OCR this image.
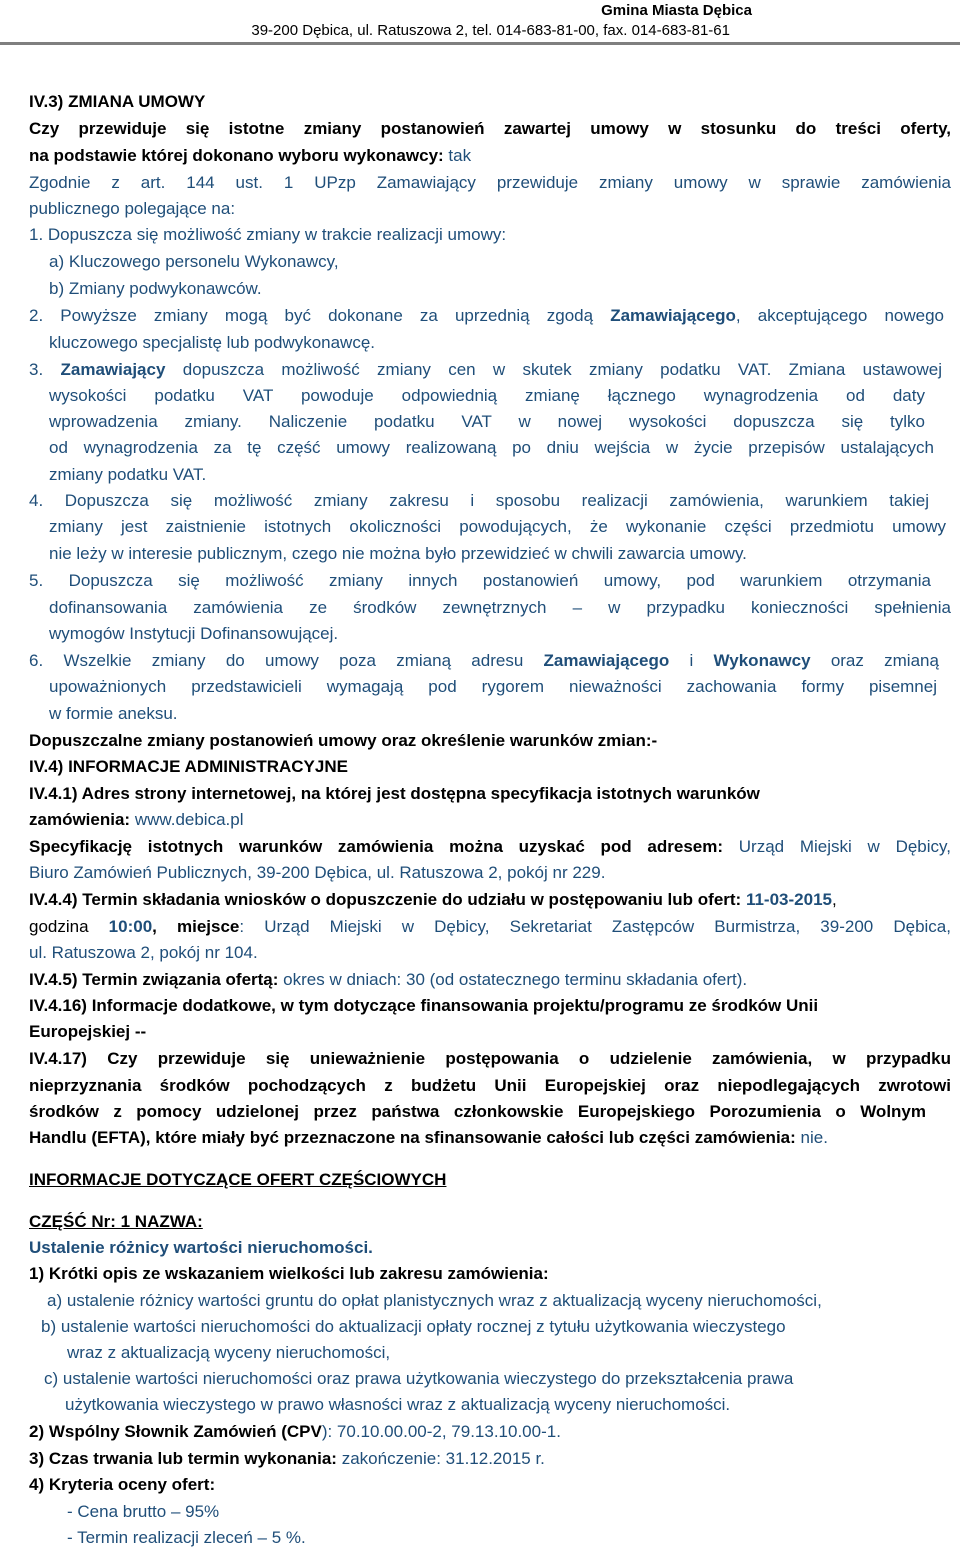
Gmina Miasta Dębica
39-200 Dębica, ul. Ratuszowa 2, tel. 014-683-81-00, fax. 014-683-81-61
IV.3) ZMIANA UMOWY
Czy przewiduje się istotne zmiany postanowień zawartej umowy w stosunku do treści oferty,
na podstawie której dokonano wyboru wykonawcy: tak
Zgodnie z art. 144 ust. 1 UPzp Zamawiający przewiduje zmiany umowy w sprawie zamówienia
publicznego polegające na:
1. Dopuszcza się możliwość zmiany w trakcie realizacji umowy:
a) Kluczowego personelu Wykonawcy,
b) Zmiany podwykonawców.
2. Powyższe zmiany mogą być dokonane za uprzednią zgodą Zamawiającego, akceptującego nowego
kluczowego specjalistę lub podwykonawcę.
3. Zamawiający dopuszcza możliwość zmiany cen w skutek zmiany podatku VAT. Zmiana ustawowej
wysokości podatku VAT powoduje odpowiednią zmianę łącznego wynagrodzenia od daty
wprowadzenia zmiany. Naliczenie podatku VAT w nowej wysokości dopuszcza się tylko
od wynagrodzenia za tę część umowy realizowaną po dniu wejścia w życie przepisów ustalających
zmiany podatku VAT.
4. Dopuszcza się możliwość zmiany zakresu i sposobu realizacji zamówienia, warunkiem takiej
zmiany jest zaistnienie istotnych okoliczności powodujących, że wykonanie części przedmiotu umowy
nie leży w interesie publicznym, czego nie można było przewidzieć w chwili zawarcia umowy.
5. Dopuszcza się możliwość zmiany innych postanowień umowy, pod warunkiem otrzymania
dofinansowania zamówienia ze środków zewnętrznych – w przypadku konieczności spełnienia
wymogów Instytucji Dofinansowującej.
6. Wszelkie zmiany do umowy poza zmianą adresu Zamawiającego i Wykonawcy oraz zmianą
upoważnionych przedstawicieli wymagają pod rygorem nieważności zachowania formy pisemnej
w formie aneksu.
Dopuszczalne zmiany postanowień umowy oraz określenie warunków zmian:-
IV.4) INFORMACJE ADMINISTRACYJNE
IV.4.1) Adres strony internetowej, na której jest dostępna specyfikacja istotnych warunków
zamówienia: www.debica.pl
Specyfikację istotnych warunków zamówienia można uzyskać pod adresem: Urząd Miejski w Dębicy,
Biuro Zamówień Publicznych, 39-200 Dębica, ul. Ratuszowa 2, pokój nr 229.
IV.4.4) Termin składania wniosków o dopuszczenie do udziału w postępowaniu lub ofert: 11-03-2015,
godzina 10:00, miejsce: Urząd Miejski w Dębicy, Sekretariat Zastępców Burmistrza, 39-200 Dębica,
ul. Ratuszowa 2, pokój nr 104.
IV.4.5) Termin związania ofertą: okres w dniach: 30 (od ostatecznego terminu składania ofert).
IV.4.16) Informacje dodatkowe, w tym dotyczące finansowania projektu/programu ze środków Unii
Europejskiej --
IV.4.17) Czy przewiduje się unieważnienie postępowania o udzielenie zamówienia, w przypadku
nieprzyznania środków pochodzących z budżetu Unii Europejskiej oraz niepodlegających zwrotowi
środków z pomocy udzielonej przez państwa członkowskie Europejskiego Porozumienia o Wolnym
Handlu (EFTA), które miały być przeznaczone na sfinansowanie całości lub części zamówienia: nie.
INFORMACJE DOTYCZĄCE OFERT CZĘŚCIOWYCH
CZĘŚĆ Nr: 1 NAZWA:
Ustalenie różnicy wartości nieruchomości.
1) Krótki opis ze wskazaniem wielkości lub zakresu zamówienia:
a) ustalenie różnicy wartości gruntu do opłat planistycznych wraz z aktualizacją wyceny nieruchomości,
b) ustalenie wartości nieruchomości do aktualizacji opłaty rocznej z tytułu użytkowania wieczystego
wraz z aktualizacją wyceny nieruchomości,
c) ustalenie wartości nieruchomości oraz prawa użytkowania wieczystego do przekształcenia prawa
użytkowania wieczystego w prawo własności wraz z aktualizacją wyceny nieruchomości.
2) Wspólny Słownik Zamówień (CPV): 70.10.00.00-2, 79.13.10.00-1.
3) Czas trwania lub termin wykonania: zakończenie: 31.12.2015 r.
4) Kryteria oceny ofert:
- Cena brutto – 95%
- Termin realizacji zleceń – 5 %.
